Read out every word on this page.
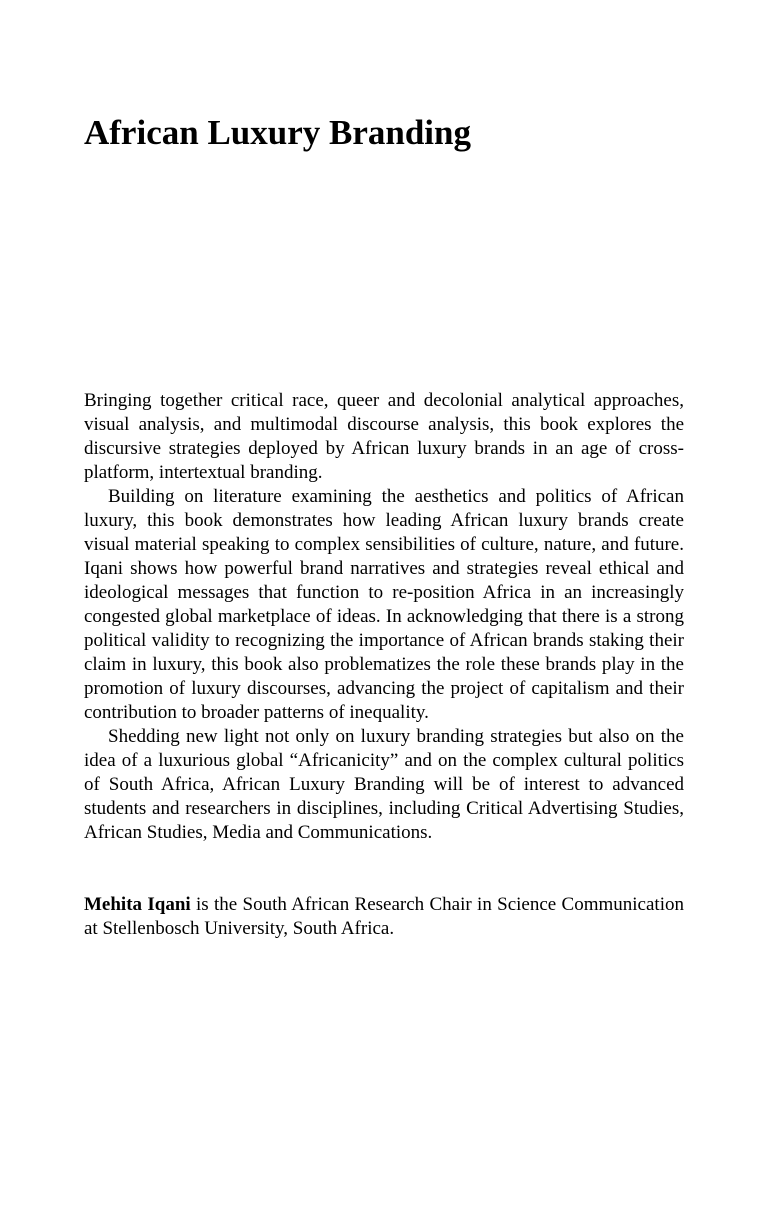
African Luxury Branding

Bringing together critical race, queer and decolonial analytical approaches, visual analysis, and multimodal discourse analysis, this book explores the discursive strategies deployed by African luxury brands in an age of cross-platform, intertextual branding.

Building on literature examining the aesthetics and politics of African luxury, this book demonstrates how leading African luxury brands create visual material speaking to complex sensibilities of culture, nature, and future. Iqani shows how powerful brand narratives and strategies reveal ethical and ideological messages that function to re-position Africa in an increasingly congested global marketplace of ideas. In acknowledging that there is a strong political validity to recognizing the importance of African brands staking their claim in luxury, this book also problematizes the role these brands play in the promotion of luxury discourses, advancing the project of capitalism and their contribution to broader patterns of inequality.

Shedding new light not only on luxury branding strategies but also on the idea of a luxurious global “Africanicity” and on the complex cultural politics of South Africa, African Luxury Branding will be of interest to advanced students and researchers in disciplines, including Critical Advertising Studies, African Studies, Media and Communications.

Mehita Iqani is the South African Research Chair in Science Communication at Stellenbosch University, South Africa.
